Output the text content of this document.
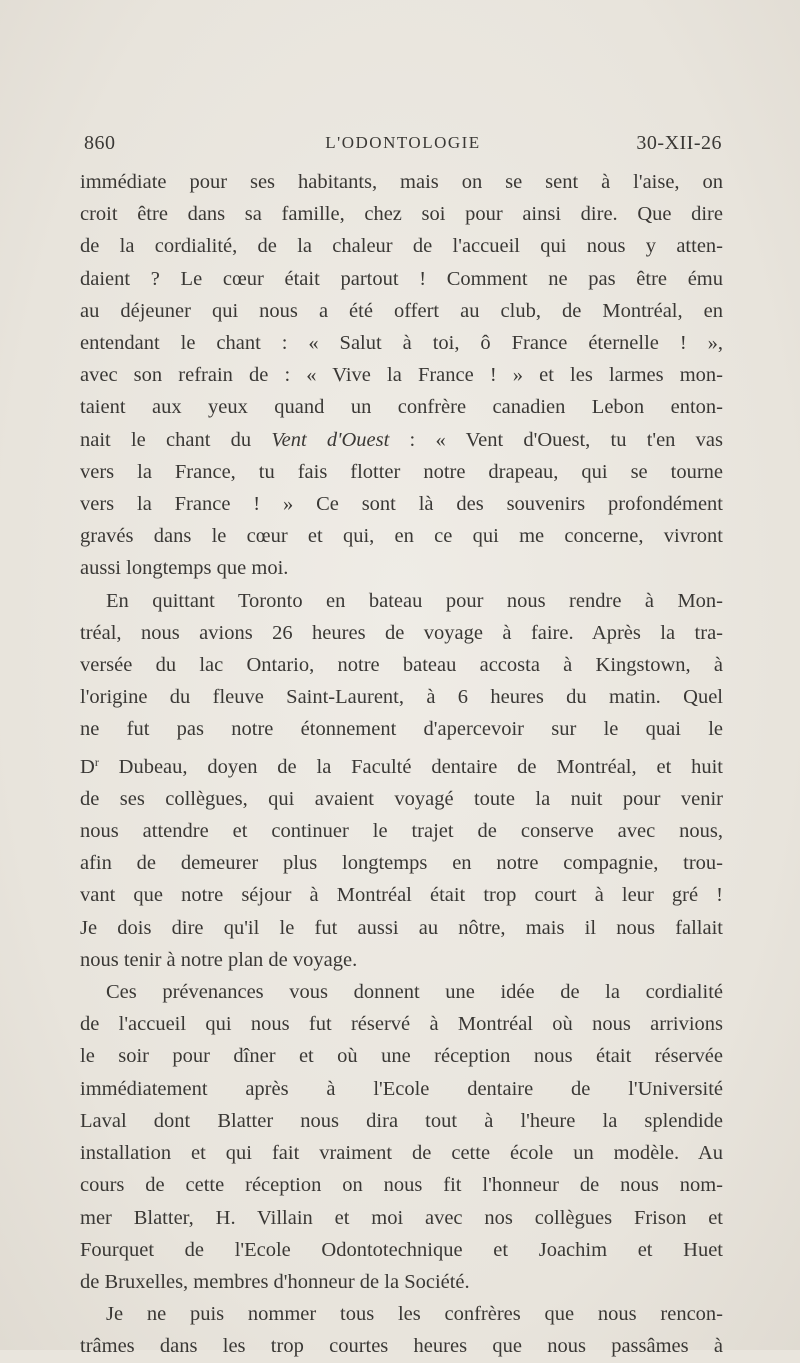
860	L'ODONTOLOGIE	30-XII-26
immédiate pour ses habitants, mais on se sent à l'aise, on
croit être dans sa famille, chez soi pour ainsi dire. Que dire
de la cordialité, de la chaleur de l'accueil qui nous y atten-
daient ? Le cœur était partout ! Comment ne pas être ému
au déjeuner qui nous a été offert au club, de Montréal, en
entendant le chant : « Salut à toi, ô France éternelle ! »,
avec son refrain de : « Vive la France ! » et les larmes mon-
taient aux yeux quand un confrère canadien Lebon enton-
nait le chant du Vent d'Ouest : « Vent d'Ouest, tu t'en vas
vers la France, tu fais flotter notre drapeau, qui se tourne
vers la France ! » Ce sont là des souvenirs profondément
gravés dans le cœur et qui, en ce qui me concerne, vivront
aussi longtemps que moi.
En quittant Toronto en bateau pour nous rendre à Mon-
tréal, nous avions 26 heures de voyage à faire. Après la tra-
versée du lac Ontario, notre bateau accosta à Kingstown, à
l'origine du fleuve Saint-Laurent, à 6 heures du matin. Quel
ne fut pas notre étonnement d'apercevoir sur le quai le
$D^r$ Dubeau, doyen de la Faculté dentaire de Montréal, et huit
de ses collègues, qui avaient voyagé toute la nuit pour venir
nous attendre et continuer le trajet de conserve avec nous,
afin de demeurer plus longtemps en notre compagnie, trou-
vant que notre séjour à Montréal était trop court à leur gré !
Je dois dire qu'il le fut aussi au nôtre, mais il nous fallait
nous tenir à notre plan de voyage.
Ces prévenances vous donnent une idée de la cordialité
de l'accueil qui nous fut réservé à Montréal où nous arrivions
le soir pour dîner et où une réception nous était réservée
immédiatement après à l'Ecole dentaire de l'Université
Laval dont Blatter nous dira tout à l'heure la splendide
installation et qui fait vraiment de cette école un modèle. Au
cours de cette réception on nous fit l'honneur de nous nom-
mer Blatter, H. Villain et moi avec nos collègues Frison et
Fourquet de l'Ecole Odontotechnique et Joachim et Huet
de Bruxelles, membres d'honneur de la Société.
Je ne puis nommer tous les confrères que nous rencon-
trâmes dans les trop courtes heures que nous passâmes à
